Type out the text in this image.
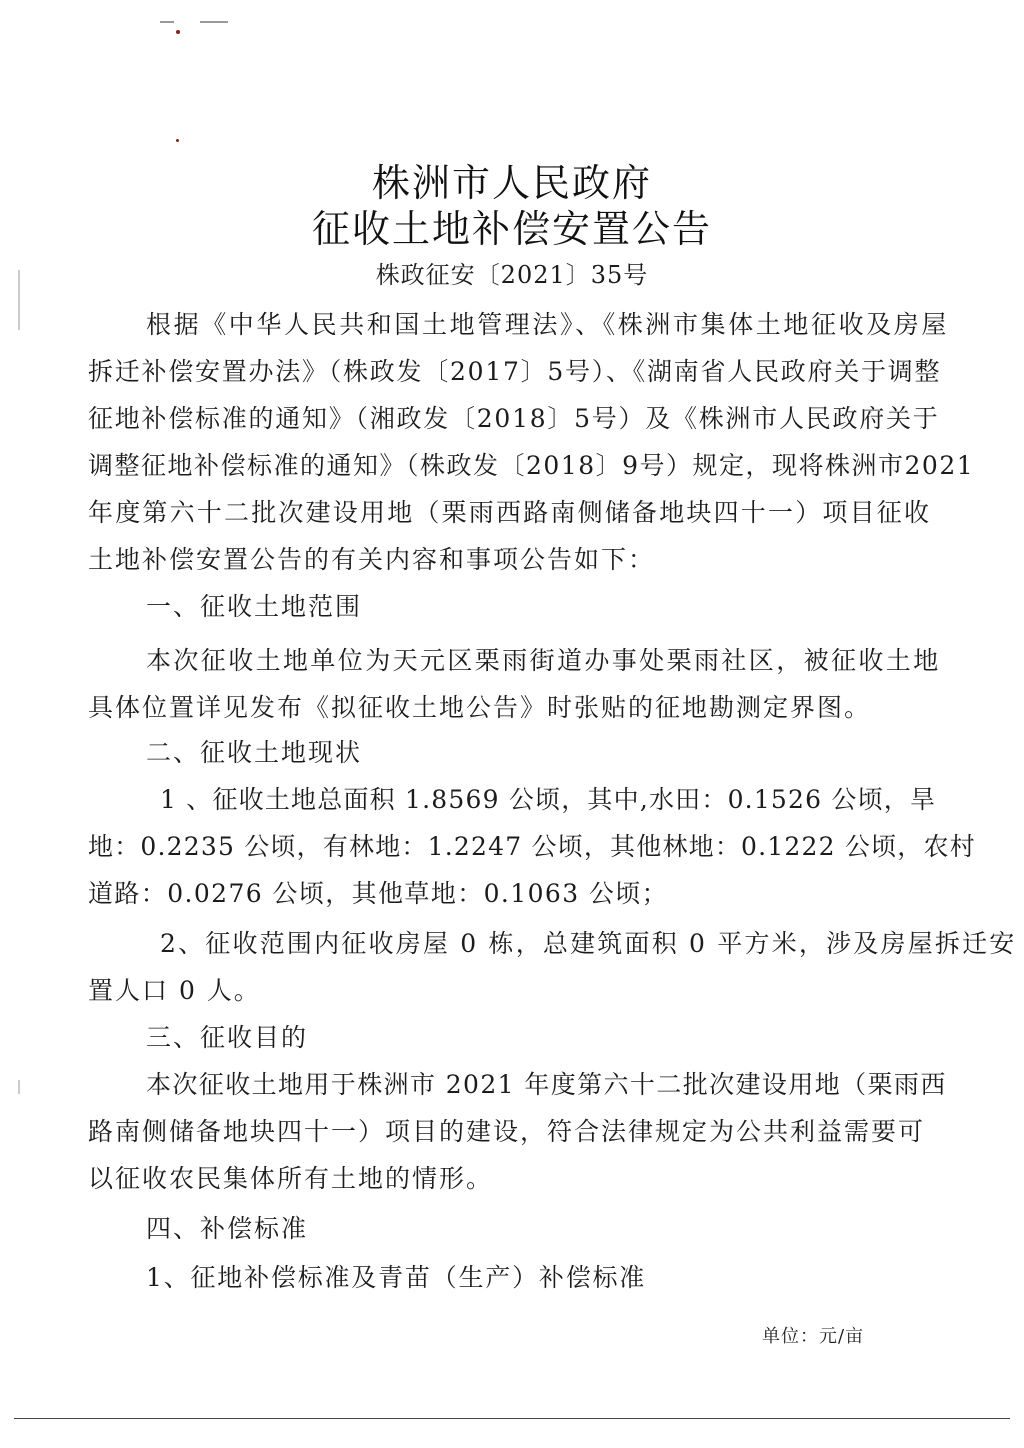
株洲市人民政府
征收土地补偿安置公告
株政征安〔2021〕35号
根据《中华人民共和国土地管理法》、《株洲市集体土地征收及房屋
拆迁补偿安置办法》（株政发〔2017〕5号）、《湖南省人民政府关于调整
征地补偿标准的通知》（湘政发〔2018〕5号）及《株洲市人民政府关于
调整征地补偿标准的通知》（株政发〔2018〕9号）规定，现将株洲市2021
年度第六十二批次建设用地（栗雨西路南侧储备地块四十一）项目征收
土地补偿安置公告的有关内容和事项公告如下：
一、征收土地范围
本次征收土地单位为天元区栗雨街道办事处栗雨社区，被征收土地
具体位置详见发布《拟征收土地公告》时张贴的征地勘测定界图。
二、征收土地现状
1 、征收土地总面积 1.8569 公顷，其中,水田：0.1526 公顷，旱
地：0.2235 公顷，有林地：1.2247 公顷，其他林地：0.1222 公顷，农村
道路：0.0276 公顷，其他草地：0.1063 公顷；
2、征收范围内征收房屋 0 栋，总建筑面积 0 平方米，涉及房屋拆迁安
置人口 0 人。
三、征收目的
本次征收土地用于株洲市 2021 年度第六十二批次建设用地（栗雨西
路南侧储备地块四十一）项目的建设，符合法律规定为公共利益需要可
以征收农民集体所有土地的情形。
四、补偿标准
1、征地补偿标准及青苗（生产）补偿标准
单位：元/亩
